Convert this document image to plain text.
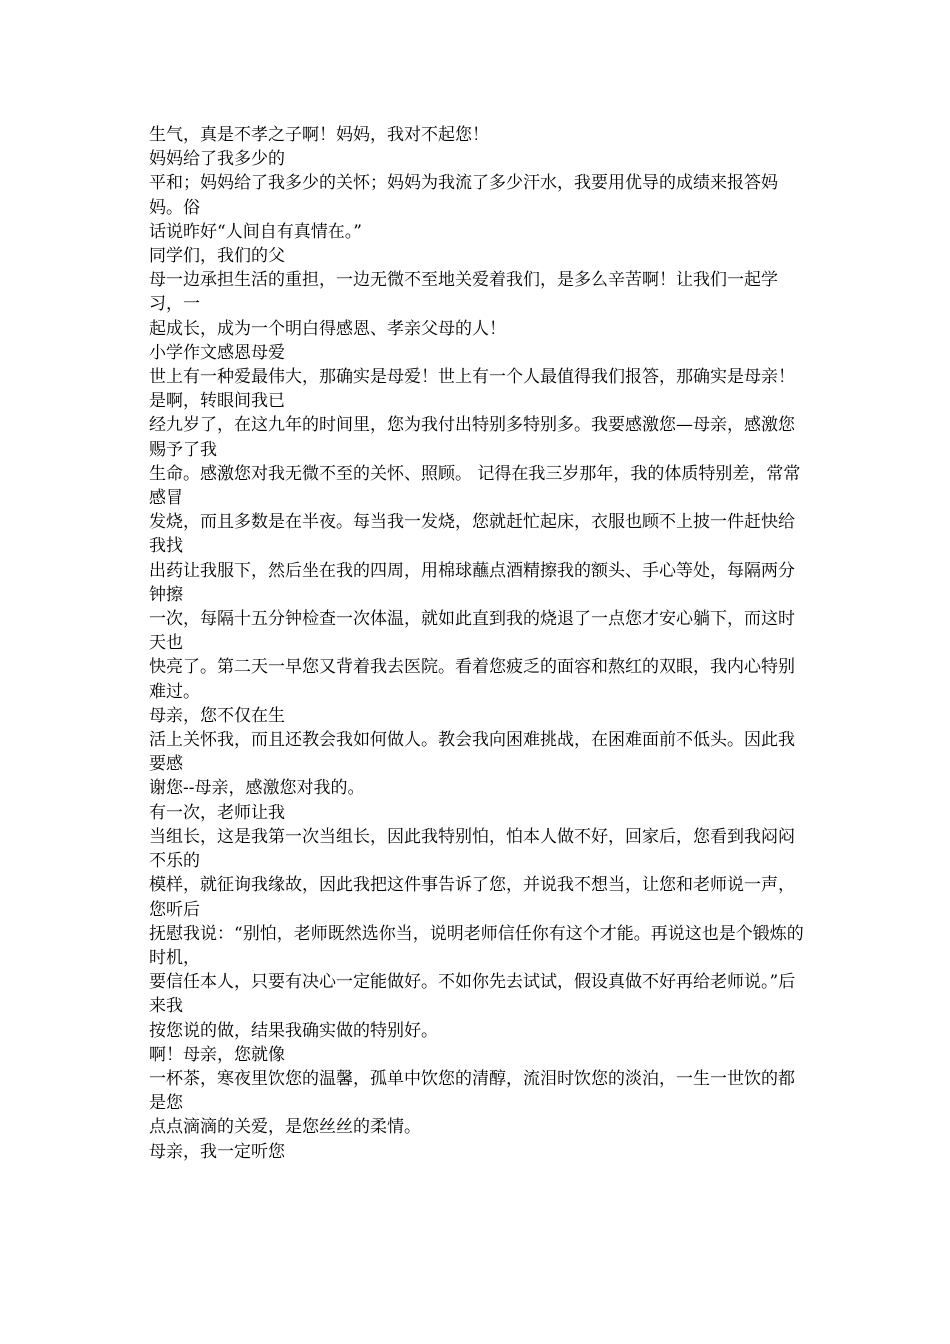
生气，真是不孝之子啊！妈妈，我对不起您！

妈妈给了我多少的

平和；妈妈给了我多少的关怀；妈妈为我流了多少汗水，我要用优导的成绩来报答妈妈。俗

话说昨好“人间自有真情在。”

同学们，我们的父

母一边承担生活的重担，一边无微不至地关爱着我们，是多么辛苦啊！让我们一起学习，一

起成长，成为一个明白得感恩、孝亲父母的人！

小学作文感恩母爱

世上有一种爱最伟大，那确实是母爱！世上有一个人最值得我们报答，那确实是母亲！

是啊，转眼间我已

经九岁了，在这九年的时间里，您为我付出特别多特别多。我要感激您—母亲，感激您赐予了我

生命。感激您对我无微不至的关怀、照顾。 记得在我三岁那年，我的体质特别差，常常感冒

发烧，而且多数是在半夜。每当我一发烧，您就赶忙起床，衣服也顾不上披一件赶快给我找

出药让我服下，然后坐在我的四周，用棉球蘸点酒精擦我的额头、手心等处，每隔两分钟擦

一次，每隔十五分钟检查一次体温，就如此直到我的烧退了一点您才安心躺下，而这时天也

快亮了。第二天一早您又背着我去医院。看着您疲乏的面容和熬红的双眼，我内心特别难过。

母亲，您不仅在生

活上关怀我，而且还教会我如何做人。教会我向困难挑战，在困难面前不低头。因此我要感

谢您--母亲，感激您对我的。

有一次，老师让我

当组长，这是我第一次当组长，因此我特别怕，怕本人做不好，回家后，您看到我闷闷不乐的

模样，就征询我缘故，因此我把这件事告诉了您，并说我不想当，让您和老师说一声，您听后

抚慰我说：“别怕，老师既然选你当，说明老师信任你有这个才能。再说这也是个锻炼的时机，

要信任本人，只要有决心一定能做好。不如你先去试试，假设真做不好再给老师说。”后来我

按您说的做，结果我确实做的特别好。

啊！母亲，您就像

一杯茶，寒夜里饮您的温馨，孤单中饮您的清醇，流泪时饮您的淡泊，一生一世饮的都是您

点点滴滴的关爱，是您丝丝的柔情。

母亲，我一定听您
